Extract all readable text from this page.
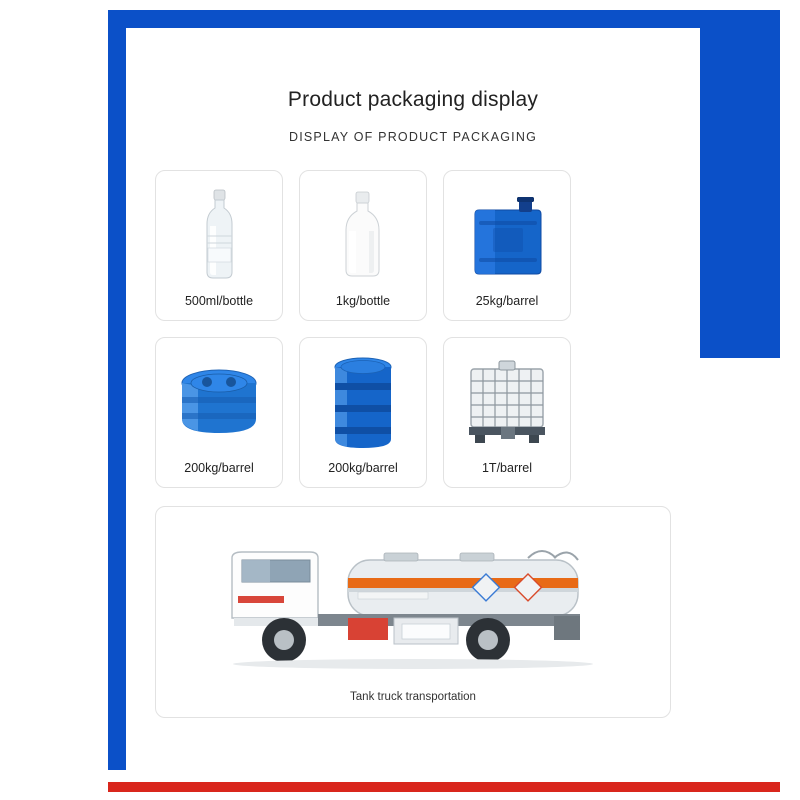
Product packaging display
DISPLAY OF PRODUCT PACKAGING
500ml/bottle	1kg/bottle	25kg/barrel
200kg/barrel	200kg/barrel	1T/barrel
Tank truck transportation
